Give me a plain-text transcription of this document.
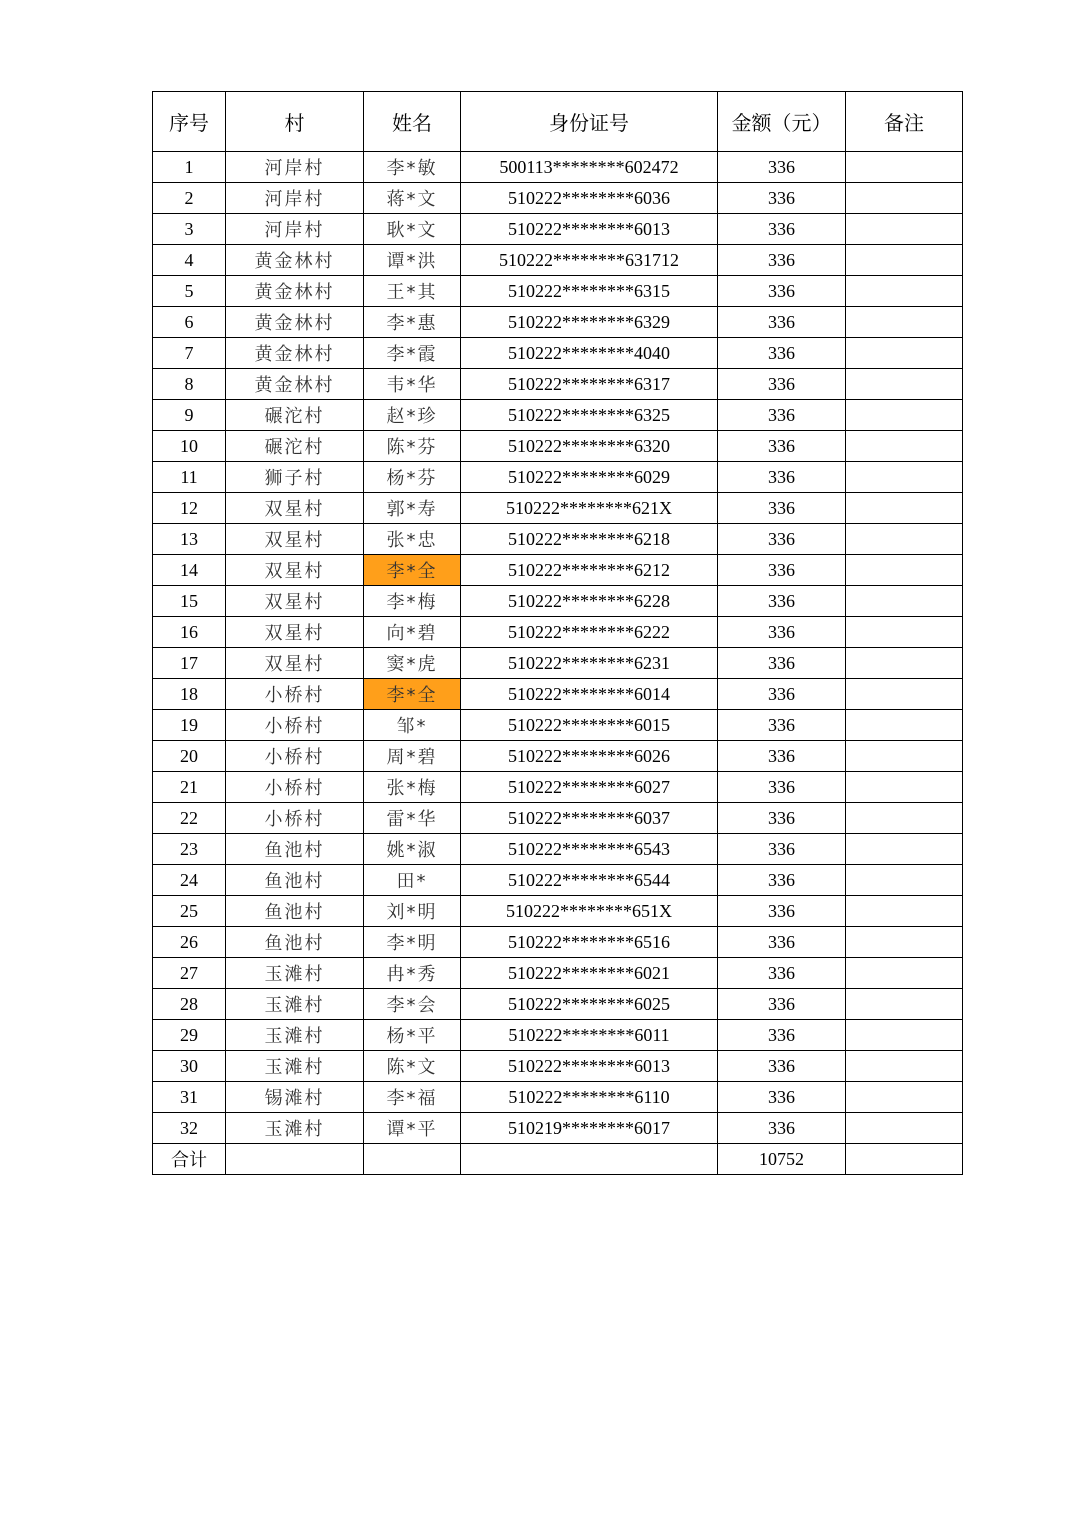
序号	村	姓名	身份证号	金额（元）	备注
1	河岸村	李*敏	500113********602472	336	
2	河岸村	蒋*文	510222********6036	336	
3	河岸村	耿*文	510222********6013	336	
4	黄金林村	谭*洪	510222********631712	336	
5	黄金林村	王*其	510222********6315	336	
6	黄金林村	李*惠	510222********6329	336	
7	黄金林村	李*霞	510222********4040	336	
8	黄金林村	韦*华	510222********6317	336	
9	碾沱村	赵*珍	510222********6325	336	
10	碾沱村	陈*芬	510222********6320	336	
11	狮子村	杨*芬	510222********6029	336	
12	双星村	郭*寿	510222********621X	336	
13	双星村	张*忠	510222********6218	336	
14	双星村	李*全	510222********6212	336	
15	双星村	李*梅	510222********6228	336	
16	双星村	向*碧	510222********6222	336	
17	双星村	窦*虎	510222********6231	336	
18	小桥村	李*全	510222********6014	336	
19	小桥村	邹*	510222********6015	336	
20	小桥村	周*碧	510222********6026	336	
21	小桥村	张*梅	510222********6027	336	
22	小桥村	雷*华	510222********6037	336	
23	鱼池村	姚*淑	510222********6543	336	
24	鱼池村	田*	510222********6544	336	
25	鱼池村	刘*明	510222********651X	336	
26	鱼池村	李*明	510222********6516	336	
27	玉滩村	冉*秀	510222********6021	336	
28	玉滩村	李*会	510222********6025	336	
29	玉滩村	杨*平	510222********6011	336	
30	玉滩村	陈*文	510222********6013	336	
31	锡滩村	李*福	510222********6110	336	
32	玉滩村	谭*平	510219********6017	336	
合计				10752	
